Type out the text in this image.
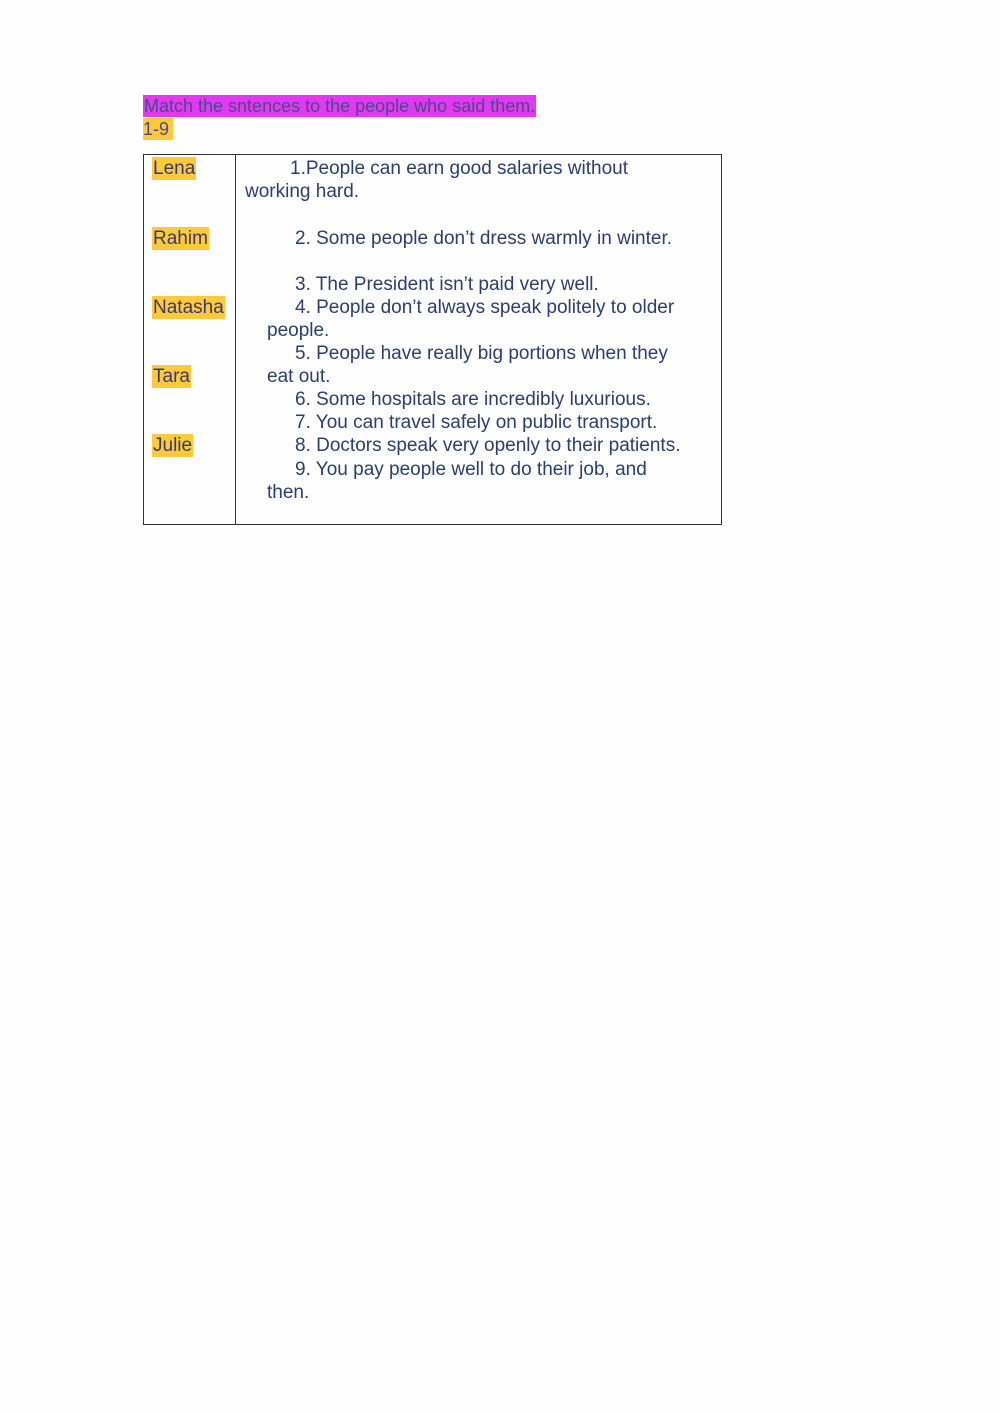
Match the sntences to the people who said them.
1-9
Lena
Rahim
Natasha
Tara
Julie
1.People can earn good salaries without
working hard.
2. Some people don’t dress warmly in winter.
3. The President isn’t paid very well.
4. People don’t always speak politely to older
people.
5. People have really big portions when they
eat out.
6. Some hospitals are incredibly luxurious.
7. You can travel safely on public transport.
8. Doctors speak very openly to their patients.
9. You pay people well to do their job, and
then.
